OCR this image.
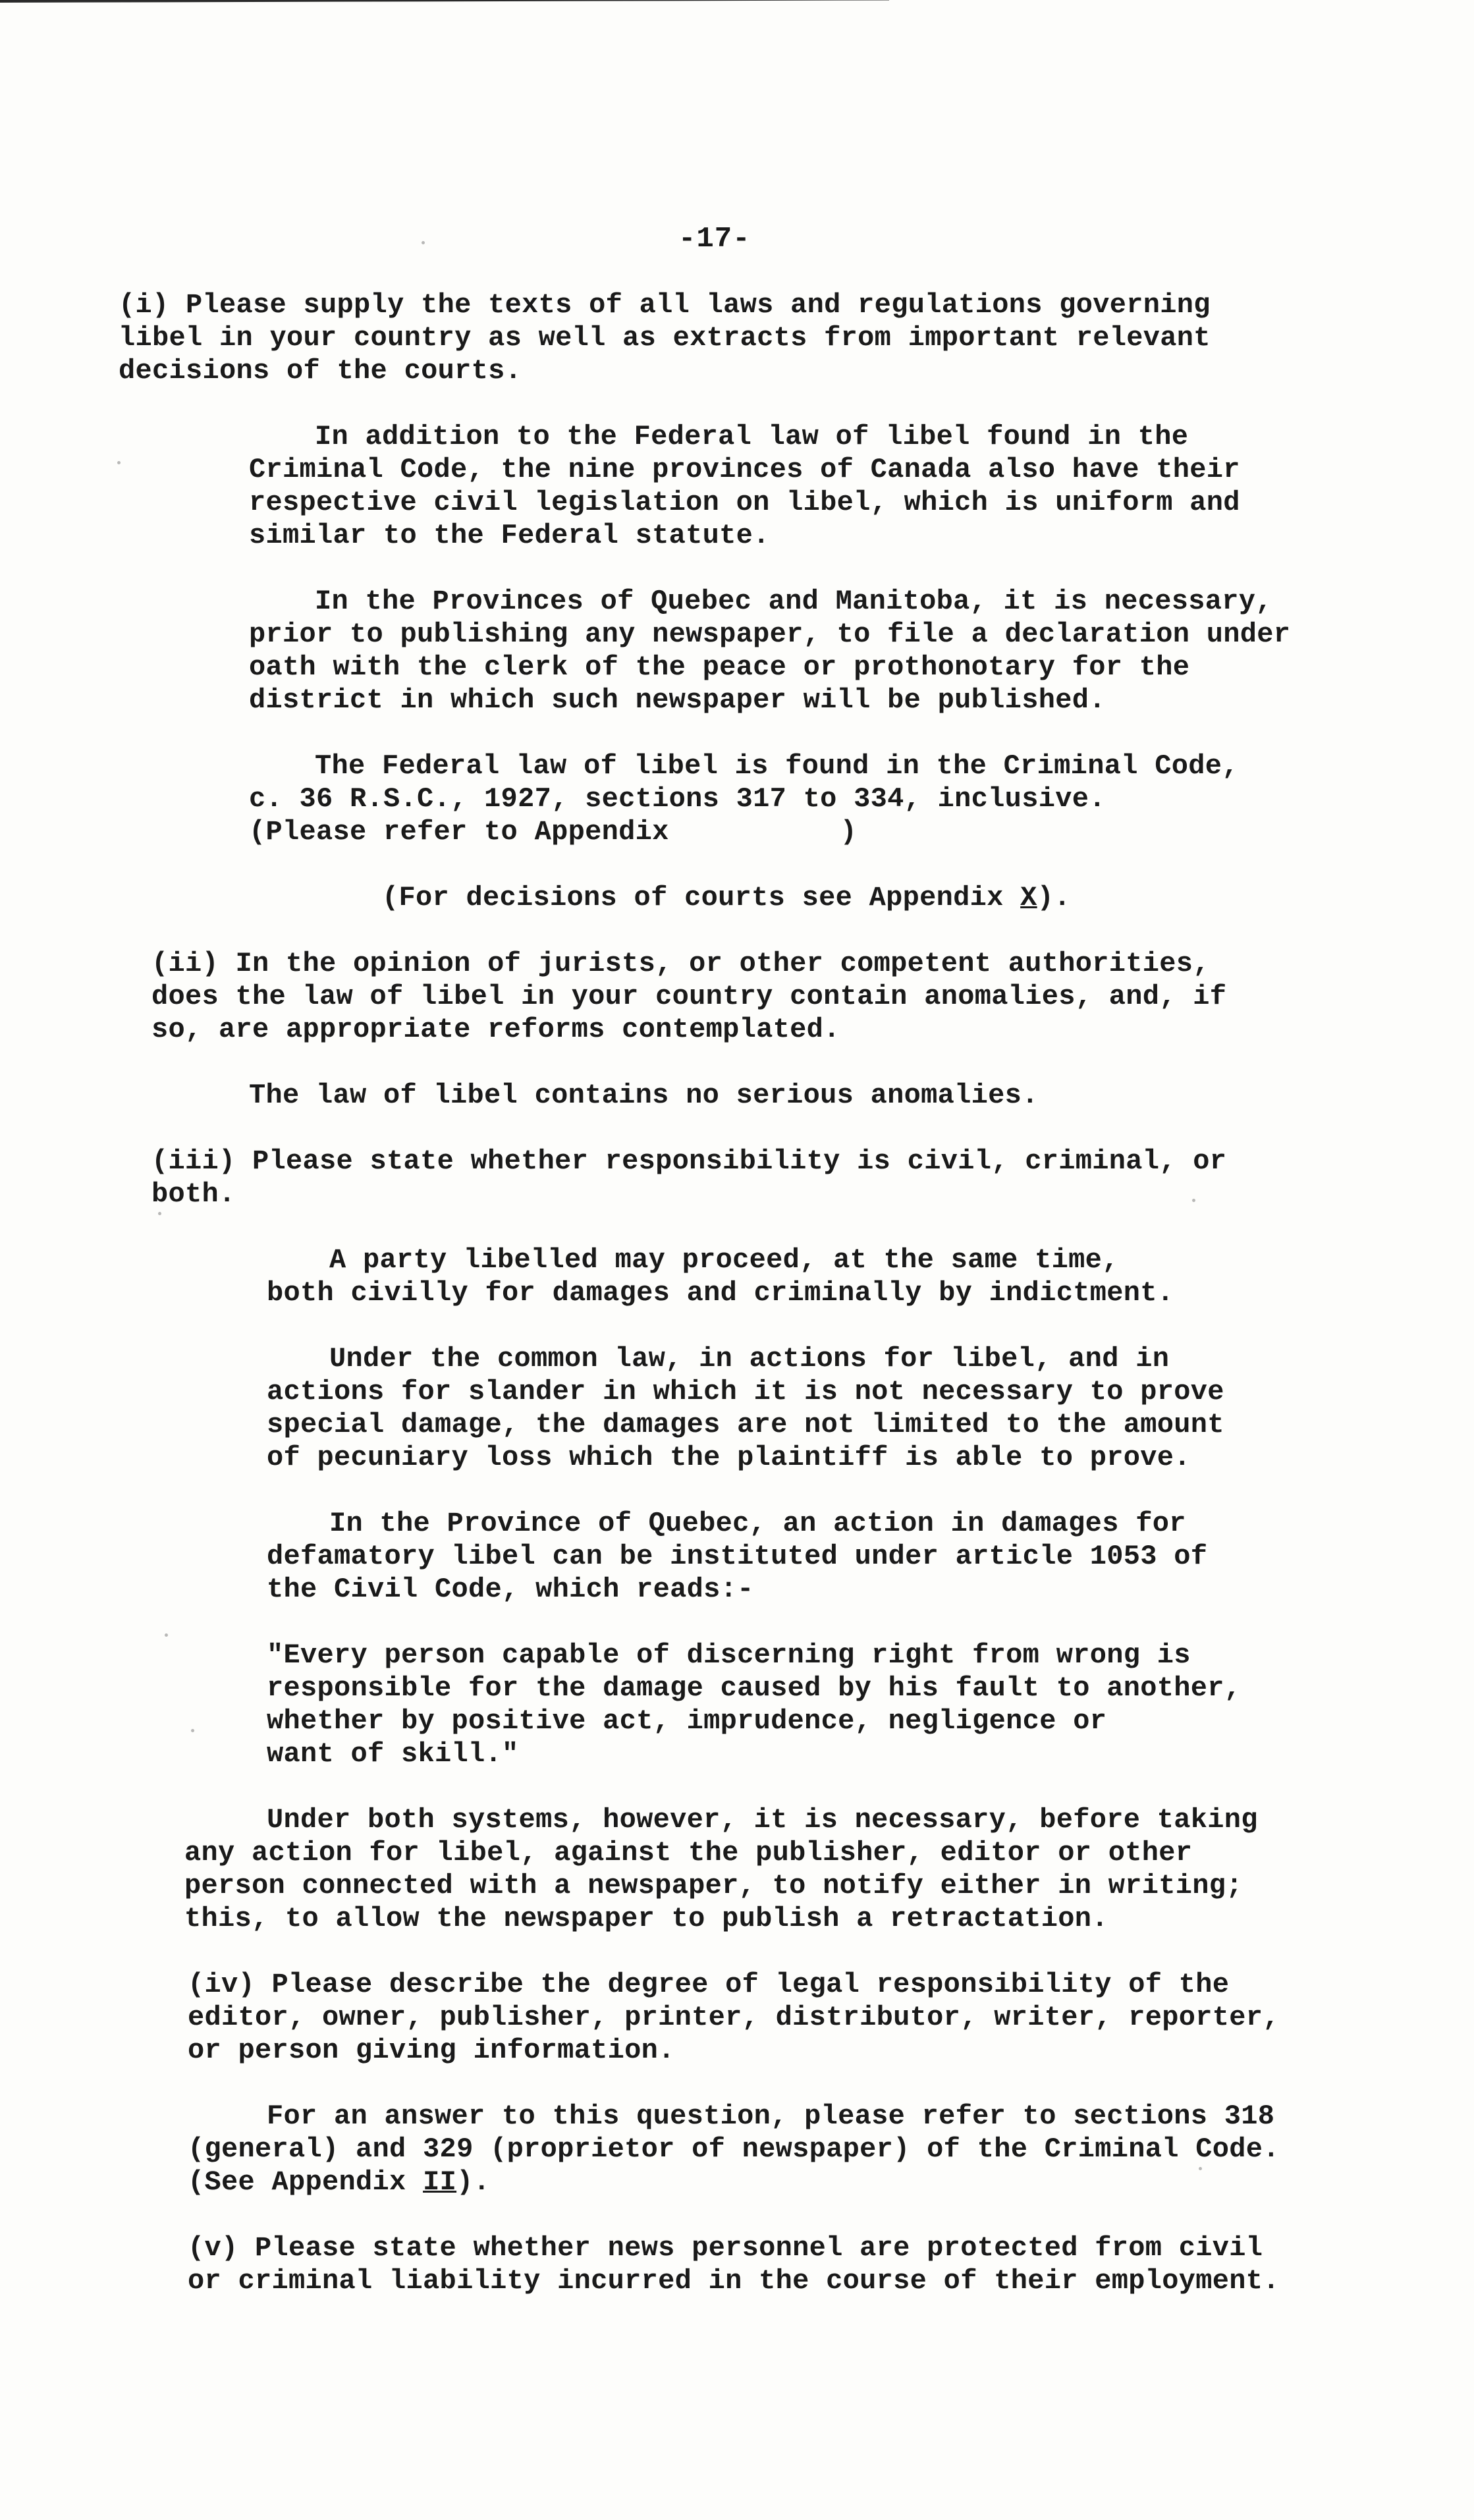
-17-
(i) Please supply the texts of all laws and regulations governing
libel in your country as well as extracts from important relevant
decisions of the courts.
In addition to the Federal law of libel found in the
Criminal Code, the nine provinces of Canada also have their
respective civil legislation on libel, which is uniform and
similar to the Federal statute.
In the Provinces of Quebec and Manitoba, it is necessary,
prior to publishing any newspaper, to file a declaration under
oath with the clerk of the peace or prothonotary for the
district in which such newspaper will be published.
The Federal law of libel is found in the Criminal Code,
c. 36 R.S.C., 1927, sections 317 to 334, inclusive.
(Please refer to Appendix	)
(For decisions of courts see Appendix X).
(ii) In the opinion of jurists, or other competent authorities,
does the law of libel in your country contain anomalies, and, if
so, are appropriate reforms contemplated.
The law of libel contains no serious anomalies.
(iii) Please state whether responsibility is civil, criminal, or
both.
A party libelled may proceed, at the same time,
both civilly for damages and criminally by indictment.
Under the common law, in actions for libel, and in
actions for slander in which it is not necessary to prove
special damage, the damages are not limited to the amount
of pecuniary loss which the plaintiff is able to prove.
In the Province of Quebec, an action in damages for
defamatory libel can be instituted under article 1053 of
the Civil Code, which reads:-
"Every person capable of discerning right from wrong is
responsible for the damage caused by his fault to another,
whether by positive act, imprudence, negligence or
want of skill."
Under both systems, however, it is necessary, before taking
any action for libel, against the publisher, editor or other
person connected with a newspaper, to notify either in writing;
this, to allow the newspaper to publish a retractation.
(iv) Please describe the degree of legal responsibility of the
editor, owner, publisher, printer, distributor, writer, reporter,
or person giving information.
For an answer to this question, please refer to sections 318
(general) and 329 (proprietor of newspaper) of the Criminal Code.
(See Appendix II).
(v) Please state whether news personnel are protected from civil
or criminal liability incurred in the course of their employment.
